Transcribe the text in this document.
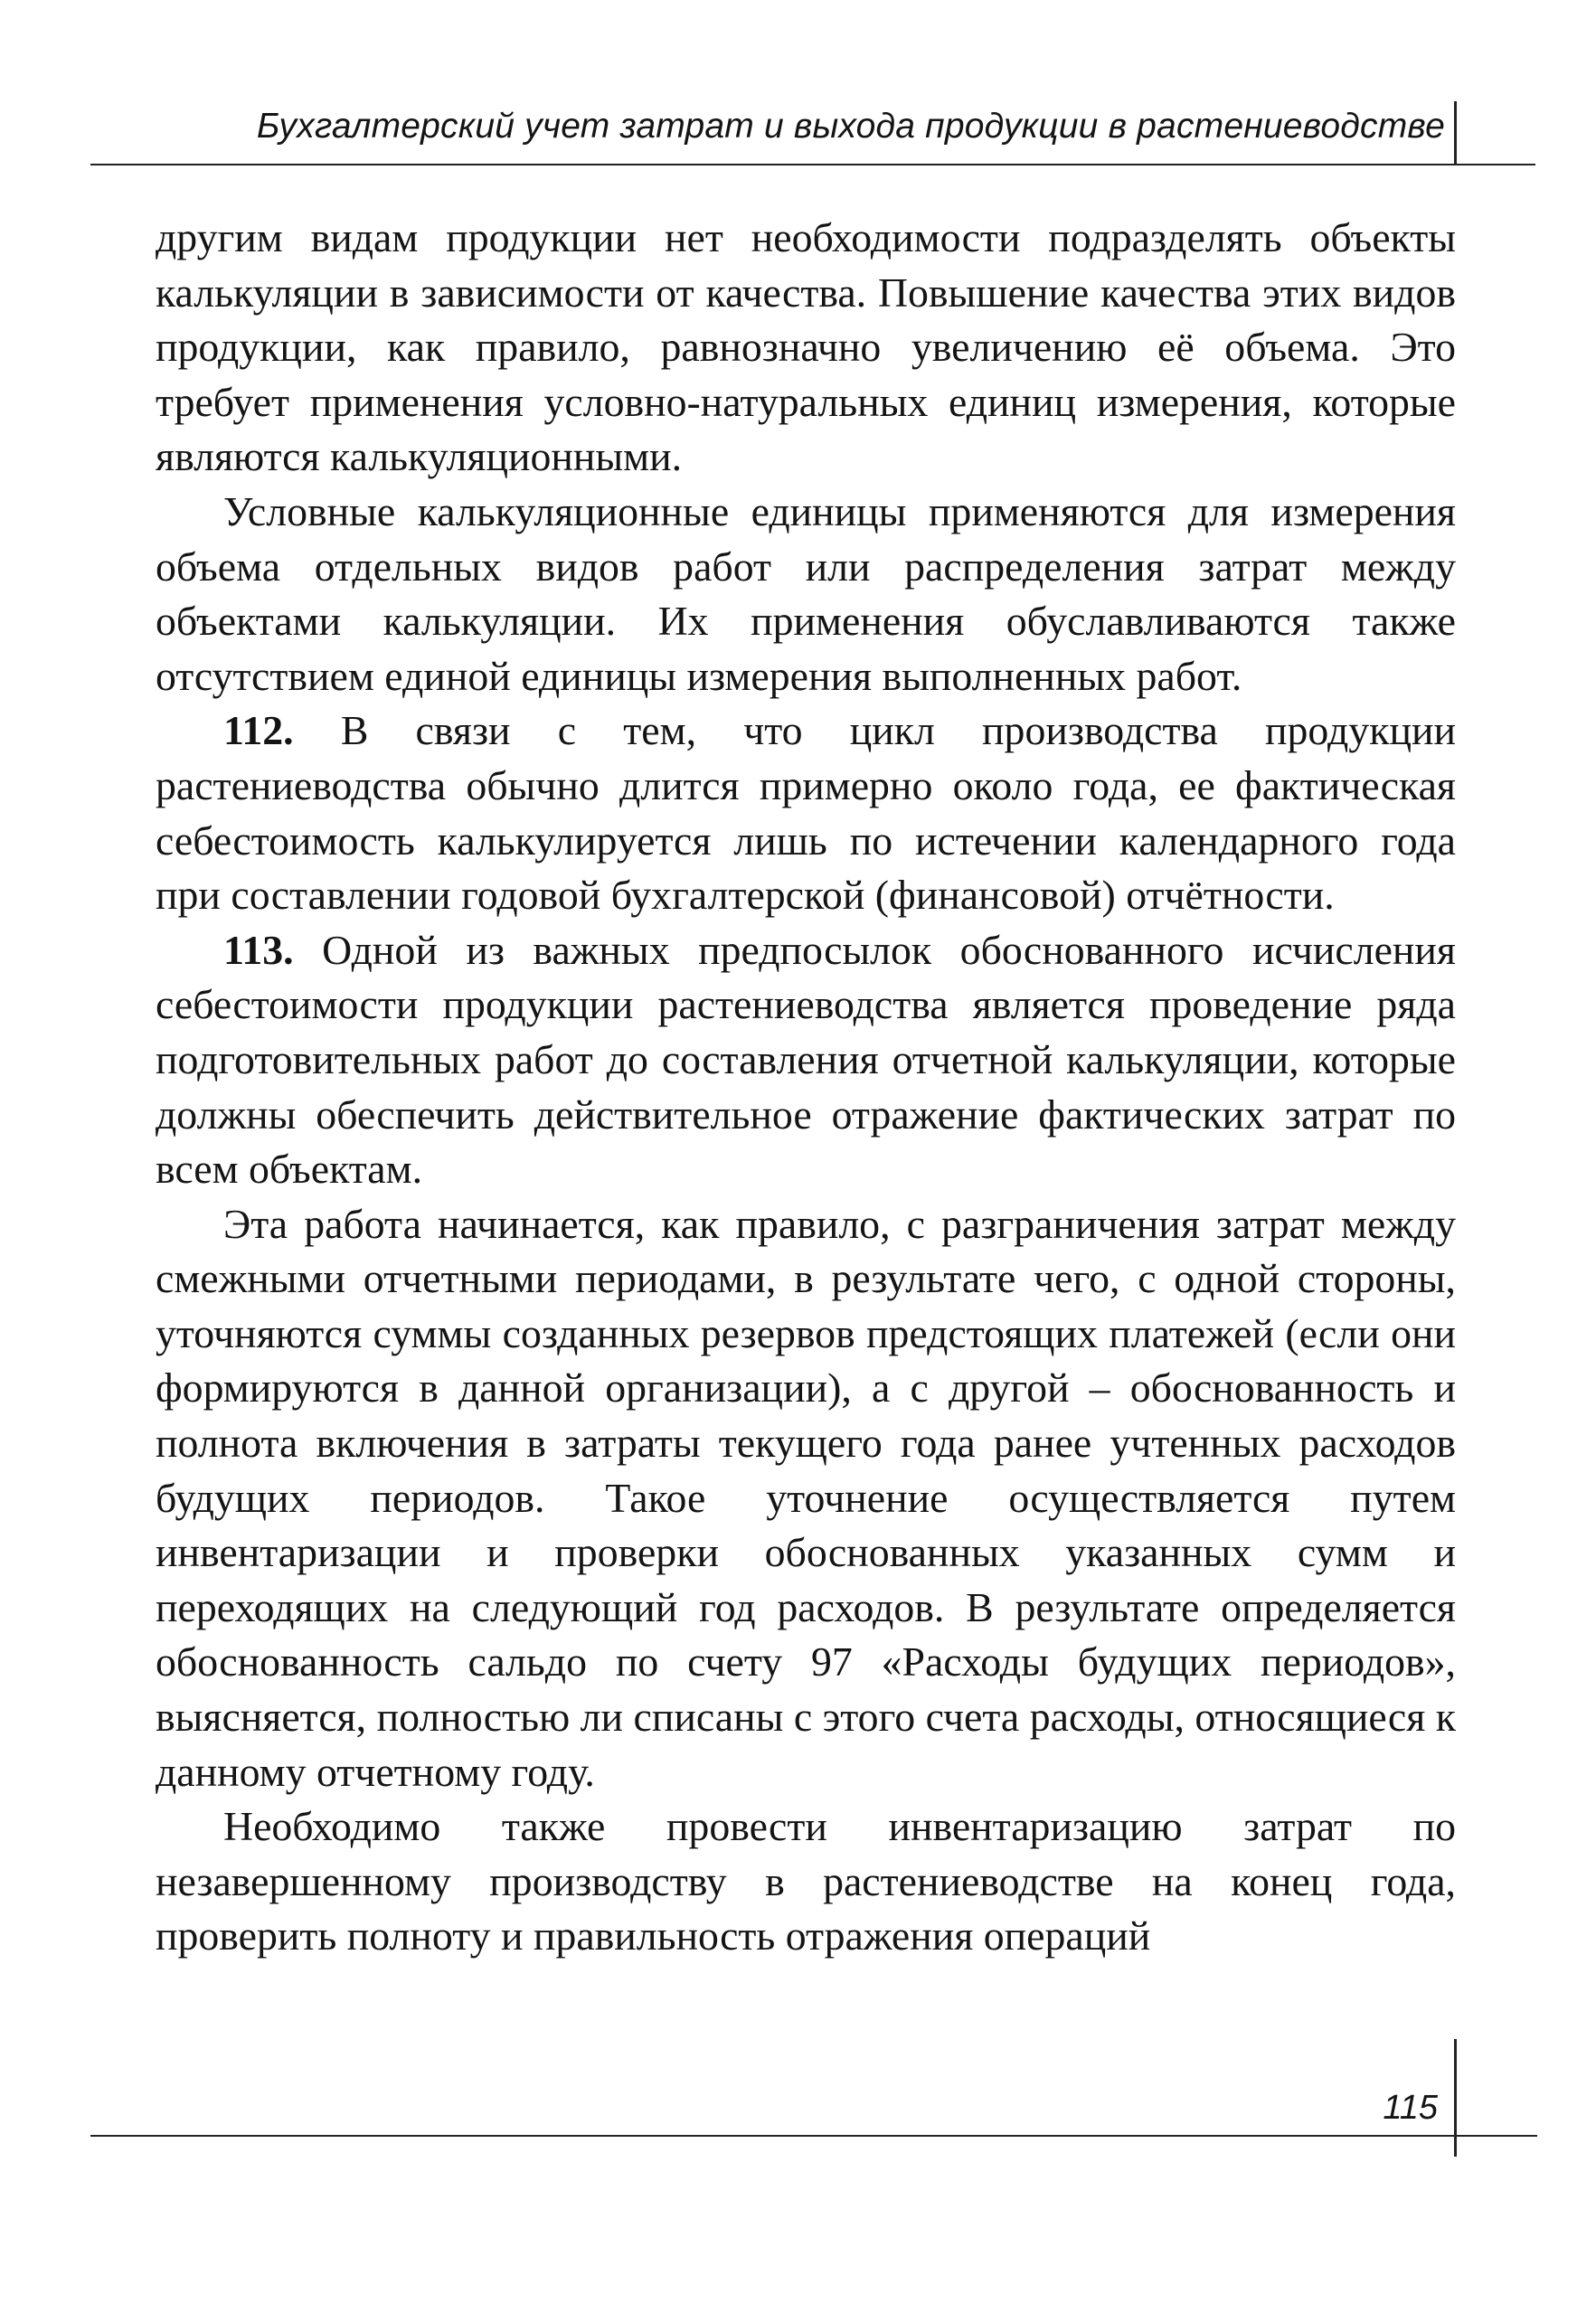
Бухгалтерский учет затрат и выхода продукции в растениеводстве

другим видам продукции нет необходимости подразделять объекты калькуляции в зависимости от качества. Повышение качества этих видов продукции, как правило, равнозначно увеличению её объема. Это требует применения условно-натуральных единиц измерения, которые являются калькуляционными.

Условные калькуляционные единицы применяются для измерения объема отдельных видов работ или распределения затрат между объектами калькуляции. Их применения обуславливаются также отсутствием единой единицы измерения выполненных работ.

112. В связи с тем, что цикл производства продукции растениеводства обычно длится примерно около года, ее фактическая себестоимость калькулируется лишь по истечении календарного года при составлении годовой бухгалтерской (финансовой) отчётности.

113. Одной из важных предпосылок обоснованного исчисления себестоимости продукции растениеводства является проведение ряда подготовительных работ до составления отчетной калькуляции, которые должны обеспечить действительное отражение фактических затрат по всем объектам.

Эта работа начинается, как правило, с разграничения затрат между смежными отчетными периодами, в результате чего, с одной стороны, уточняются суммы созданных резервов предстоящих платежей (если они формируются в данной организации), а с другой – обоснованность и полнота включения в затраты текущего года ранее учтенных расходов будущих периодов. Такое уточнение осуществляется путем инвентаризации и проверки обоснованных указанных сумм и переходящих на следующий год расходов. В результате определяется обоснованность сальдо по счету 97 «Расходы будущих периодов», выясняется, полностью ли списаны с этого счета расходы, относящиеся к данному отчетному году.

Необходимо также провести инвентаризацию затрат по незавершенному производству в растениеводстве на конец года, проверить полноту и правильность отражения операций

115
